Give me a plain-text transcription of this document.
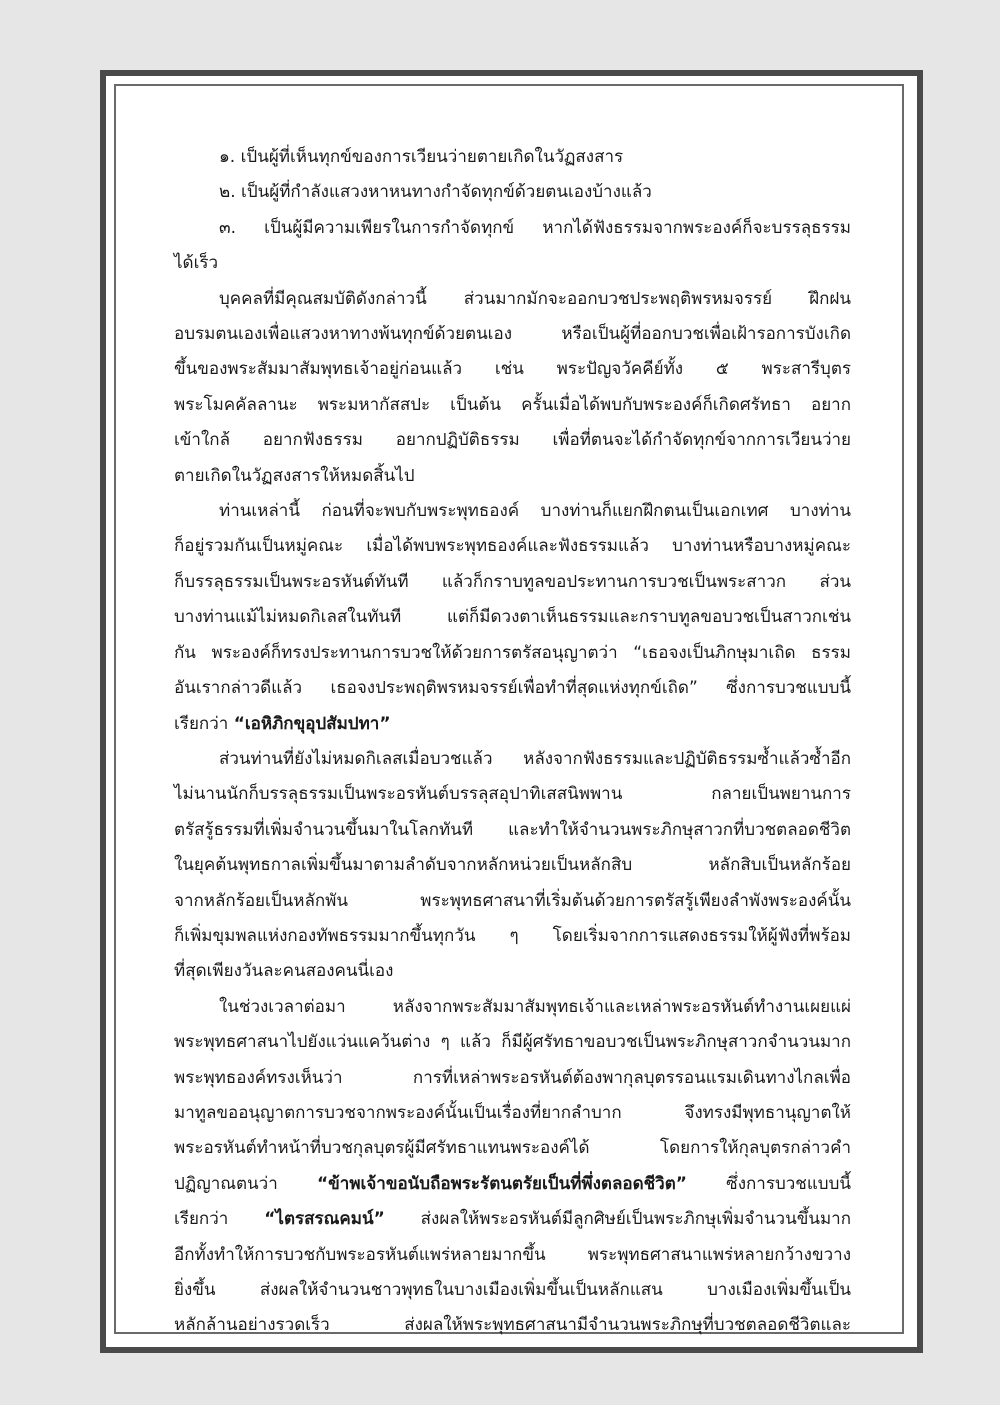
๑. เป็นผู้ที่เห็นทุกข์ของการเวียนว่ายตายเกิดในวัฏสงสาร
๒. เป็นผู้ที่กำลังแสวงหาหนทางกำจัดทุกข์ด้วยตนเองบ้างแล้ว
๓. เป็นผู้มีความเพียรในการกำจัดทุกข์ หากได้ฟังธรรมจากพระองค์ก็จะบรรลุธรรม
ได้เร็ว
บุคคลที่มีคุณสมบัติดังกล่าวนี้ ส่วนมากมักจะออกบวชประพฤติพรหมจรรย์ ฝึกฝน
อบรมตนเองเพื่อแสวงหาทางพ้นทุกข์ด้วยตนเอง หรือเป็นผู้ที่ออกบวชเพื่อเฝ้ารอการบังเกิด
ขึ้นของพระสัมมาสัมพุทธเจ้าอยู่ก่อนแล้ว เช่น พระปัญจวัคคีย์ทั้ง ๕ พระสารีบุตร
พระโมคคัลลานะ พระมหากัสสปะ เป็นต้น ครั้นเมื่อได้พบกับพระองค์ก็เกิดศรัทธา อยาก
เข้าใกล้ อยากฟังธรรม อยากปฏิบัติธรรม เพื่อที่ตนจะได้กำจัดทุกข์จากการเวียนว่าย
ตายเกิดในวัฏสงสารให้หมดสิ้นไป
ท่านเหล่านี้ ก่อนที่จะพบกับพระพุทธองค์ บางท่านก็แยกฝึกตนเป็นเอกเทศ บางท่าน
ก็อยู่รวมกันเป็นหมู่คณะ เมื่อได้พบพระพุทธองค์และฟังธรรมแล้ว บางท่านหรือบางหมู่คณะ
ก็บรรลุธรรมเป็นพระอรหันต์ทันที แล้วก็กราบทูลขอประทานการบวชเป็นพระสาวก ส่วน
บางท่านแม้ไม่หมดกิเลสในทันที แต่ก็มีดวงตาเห็นธรรมและกราบทูลขอบวชเป็นสาวกเช่น
กัน พระองค์ก็ทรงประทานการบวชให้ด้วยการตรัสอนุญาตว่า “เธอจงเป็นภิกษุมาเถิด ธรรม
อันเรากล่าวดีแล้ว เธอจงประพฤติพรหมจรรย์เพื่อทำที่สุดแห่งทุกข์เถิด” ซึ่งการบวชแบบนี้
เรียกว่า “เอหิภิกขุอุปสัมปทา”
ส่วนท่านที่ยังไม่หมดกิเลสเมื่อบวชแล้ว หลังจากฟังธรรมและปฏิบัติธรรมซ้ำแล้วซ้ำอีก
ไม่นานนักก็บรรลุธรรมเป็นพระอรหันต์บรรลุสอุปาทิเสสนิพพาน กลายเป็นพยานการ
ตรัสรู้ธรรมที่เพิ่มจำนวนขึ้นมาในโลกทันที และทำให้จำนวนพระภิกษุสาวกที่บวชตลอดชีวิต
ในยุคต้นพุทธกาลเพิ่มขึ้นมาตามลำดับจากหลักหน่วยเป็นหลักสิบ หลักสิบเป็นหลักร้อย
จากหลักร้อยเป็นหลักพัน พระพุทธศาสนาที่เริ่มต้นด้วยการตรัสรู้เพียงลำพังพระองค์นั้น
ก็เพิ่มขุมพลแห่งกองทัพธรรมมากขึ้นทุกวัน ๆ โดยเริ่มจากการแสดงธรรมให้ผู้ฟังที่พร้อม
ที่สุดเพียงวันละคนสองคนนี่เอง
ในช่วงเวลาต่อมา หลังจากพระสัมมาสัมพุทธเจ้าและเหล่าพระอรหันต์ทำงานเผยแผ่
พระพุทธศาสนาไปยังแว่นแคว้นต่าง ๆ แล้ว ก็มีผู้ศรัทธาขอบวชเป็นพระภิกษุสาวกจำนวนมาก
พระพุทธองค์ทรงเห็นว่า การที่เหล่าพระอรหันต์ต้องพากุลบุตรรอนแรมเดินทางไกลเพื่อ
มาทูลขออนุญาตการบวชจากพระองค์นั้นเป็นเรื่องที่ยากลำบาก จึงทรงมีพุทธานุญาตให้
พระอรหันต์ทำหน้าที่บวชกุลบุตรผู้มีศรัทธาแทนพระองค์ได้ โดยการให้กุลบุตรกล่าวคำ
ปฏิญาณตนว่า “ข้าพเจ้าขอนับถือพระรัตนตรัยเป็นที่พึ่งตลอดชีวิต” ซึ่งการบวชแบบนี้
เรียกว่า “ไตรสรณคมน์” ส่งผลให้พระอรหันต์มีลูกศิษย์เป็นพระภิกษุเพิ่มจำนวนขึ้นมาก
อีกทั้งทำให้การบวชกับพระอรหันต์แพร่หลายมากขึ้น พระพุทธศาสนาแพร่หลายกว้างขวาง
ยิ่งขึ้น ส่งผลให้จำนวนชาวพุทธในบางเมืองเพิ่มขึ้นเป็นหลักแสน บางเมืองเพิ่มขึ้นเป็น
หลักล้านอย่างรวดเร็ว ส่งผลให้พระพุทธศาสนามีจำนวนพระภิกษุที่บวชตลอดชีวิตและ
